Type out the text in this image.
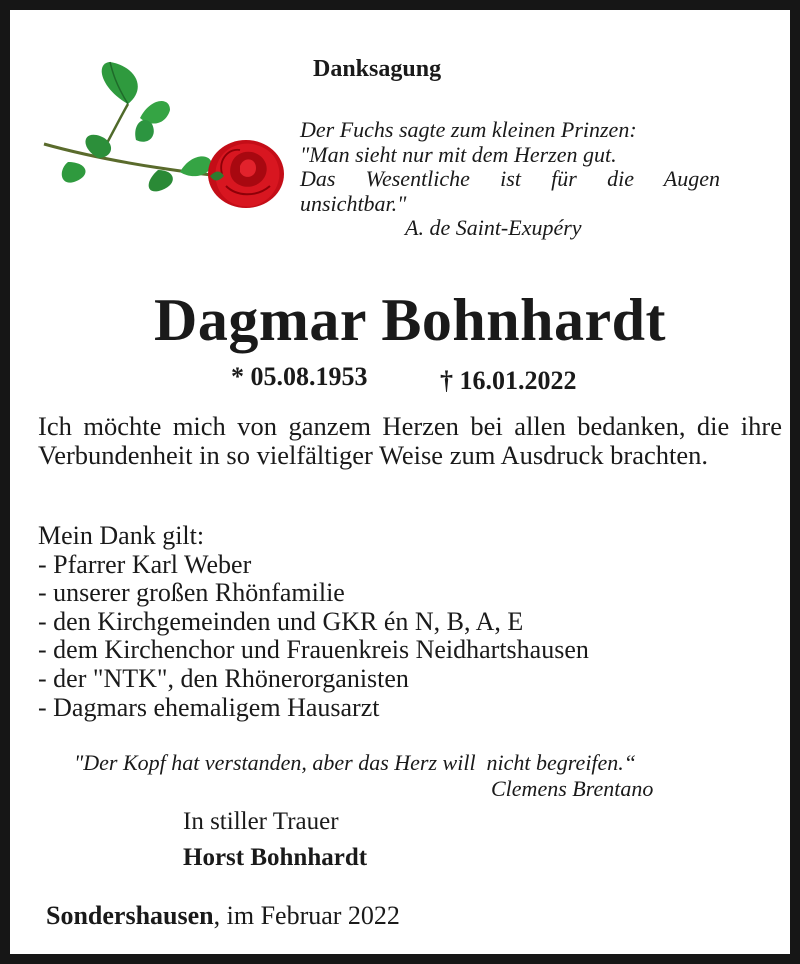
Danksagung
Der Fuchs sagte zum kleinen Prinzen:
"Man sieht nur mit dem Herzen gut.
Das Wesentliche ist für die Augen
unsichtbar."
A. de Saint-Exupéry
Dagmar Bohnhardt
* 05.08.1953	† 16.01.2022
Ich möchte mich von ganzem Herzen bei allen bedanken, die ihre Verbundenheit in so vielfältiger Weise zum Ausdruck brachten.
Mein Dank gilt:
- Pfarrer Karl Weber
- unserer großen Rhönfamilie
- den Kirchgemeinden und GKR én N, B, A, E
- dem Kirchenchor und Frauenkreis Neidhartshausen
- der "NTK", den Rhönerorganisten
- Dagmars ehemaligem Hausarzt
"Der Kopf hat verstanden, aber das Herz will  nicht begreifen.“
Clemens Brentano
In stiller Trauer
Horst Bohnhardt
Sondershausen, im Februar 2022
